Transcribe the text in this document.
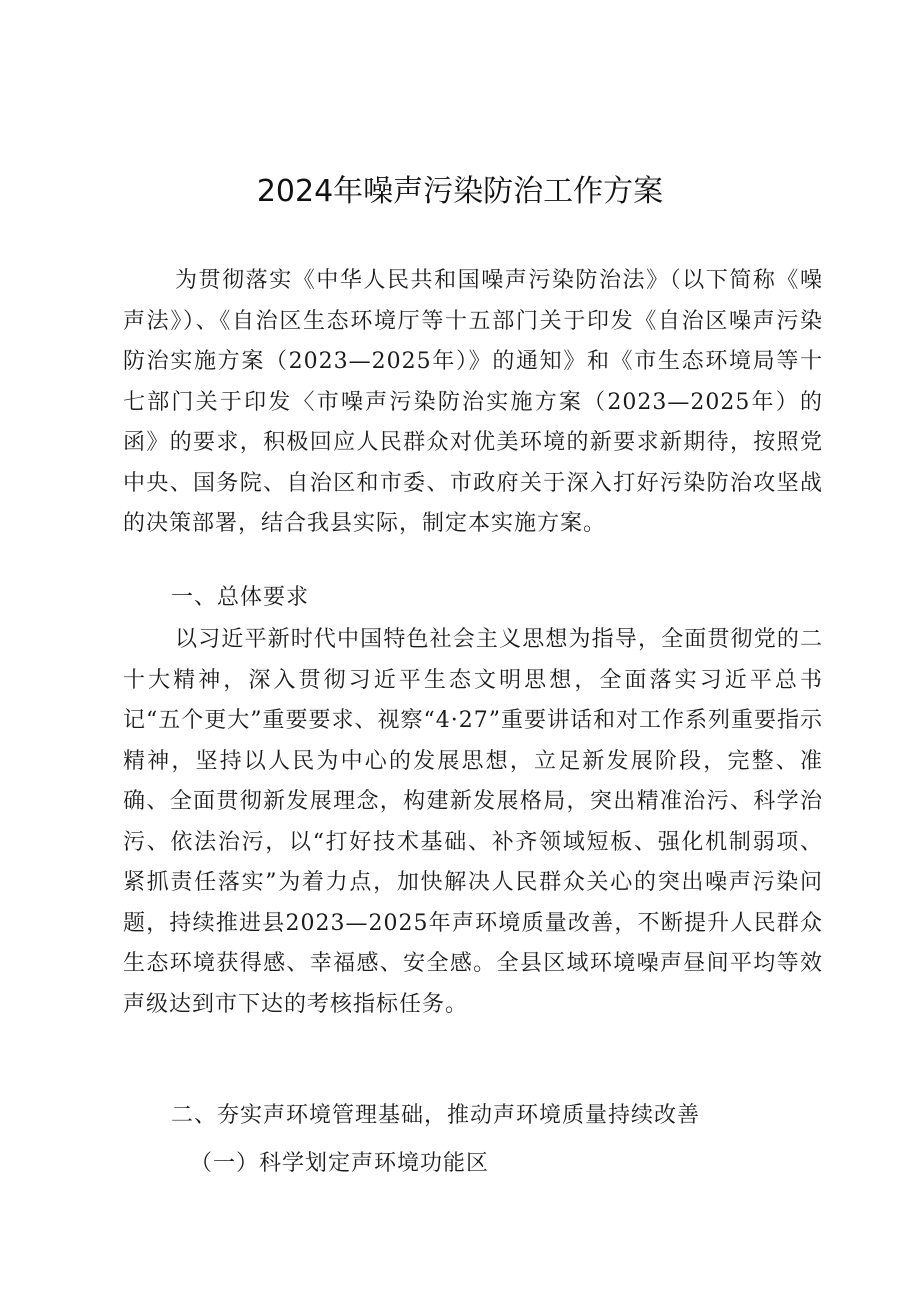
2024年噪声污染防治工作方案

为贯彻落实《中华人民共和国噪声污染防治法》（以下简称《噪声法》）、《自治区生态环境厅等十五部门关于印发《自治区噪声污染防治实施方案（2023—2025年）》的通知》和《市生态环境局等十七部门关于印发〈市噪声污染防治实施方案（2023—2025年）的函》的要求，积极回应人民群众对优美环境的新要求新期待，按照党中央、国务院、自治区和市委、市政府关于深入打好污染防治攻坚战的决策部署，结合我县实际，制定本实施方案。

一、总体要求

以习近平新时代中国特色社会主义思想为指导，全面贯彻党的二十大精神，深入贯彻习近平生态文明思想，全面落实习近平总书记“五个更大”重要要求、视察“4·27”重要讲话和对工作系列重要指示精神，坚持以人民为中心的发展思想，立足新发展阶段，完整、准确、全面贯彻新发展理念，构建新发展格局，突出精准治污、科学治污、依法治污，以“打好技术基础、补齐领域短板、强化机制弱项、紧抓责任落实”为着力点，加快解决人民群众关心的突出噪声污染问题，持续推进县2023—2025年声环境质量改善，不断提升人民群众生态环境获得感、幸福感、安全感。全县区域环境噪声昼间平均等效声级达到市下达的考核指标任务。

二、夯实声环境管理基础，推动声环境质量持续改善
（一）科学划定声环境功能区
